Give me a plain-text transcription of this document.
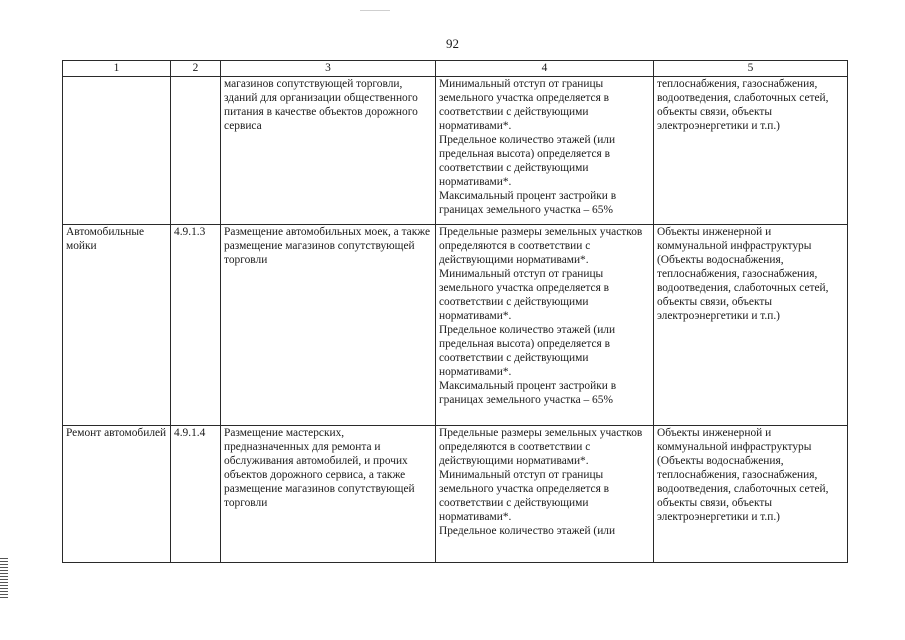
92
1	2	3	4	5

		магазинов сопутствующей торговли, зданий для организации общественного питания в качестве объектов дорожного сервиса	Минимальный отступ от границы земельного участка определяется в соответствии с действующими нормативами*.

Предельное количество этажей (или предельная высота) определяется в соответствии с действующими нормативами*.

Максимальный процент застройки в границах земельного участка – 65%	теплоснабжения, газоснабжения, водоотведения, слаботочных сетей, объекты связи, объекты электроэнергетики и т.п.)

Автомобильные мойки	4.9.1.3	Размещение автомобильных моек, а также размещение магазинов сопутствующей торговли	Предельные размеры земельных участков определяются в соответствии с действующими нормативами*.

Минимальный отступ от границы земельного участка определяется в соответствии с действующими нормативами*.

Предельное количество этажей (или предельная высота) определяется в соответствии с действующими нормативами*.

Максимальный процент застройки в границах земельного участка – 65%	Объекты инженерной и коммунальной инфраструктуры (Объекты водоснабжения, теплоснабжения, газоснабжения, водоотведения, слаботочных сетей, объекты связи, объекты электроэнергетики и т.п.)

Ремонт автомобилей	4.9.1.4	Размещение мастерских, предназначенных для ремонта и обслуживания автомобилей, и прочих объектов дорожного сервиса, а также размещение магазинов сопутствующей торговли	Предельные размеры земельных участков определяются в соответствии с действующими нормативами*.

Минимальный отступ от границы земельного участка определяется в соответствии с действующими нормативами*.

Предельное количество этажей (или	Объекты инженерной и коммунальной инфраструктуры (Объекты водоснабжения, теплоснабжения, газоснабжения, водоотведения, слаботочных сетей, объекты связи, объекты электроэнергетики и т.п.)
